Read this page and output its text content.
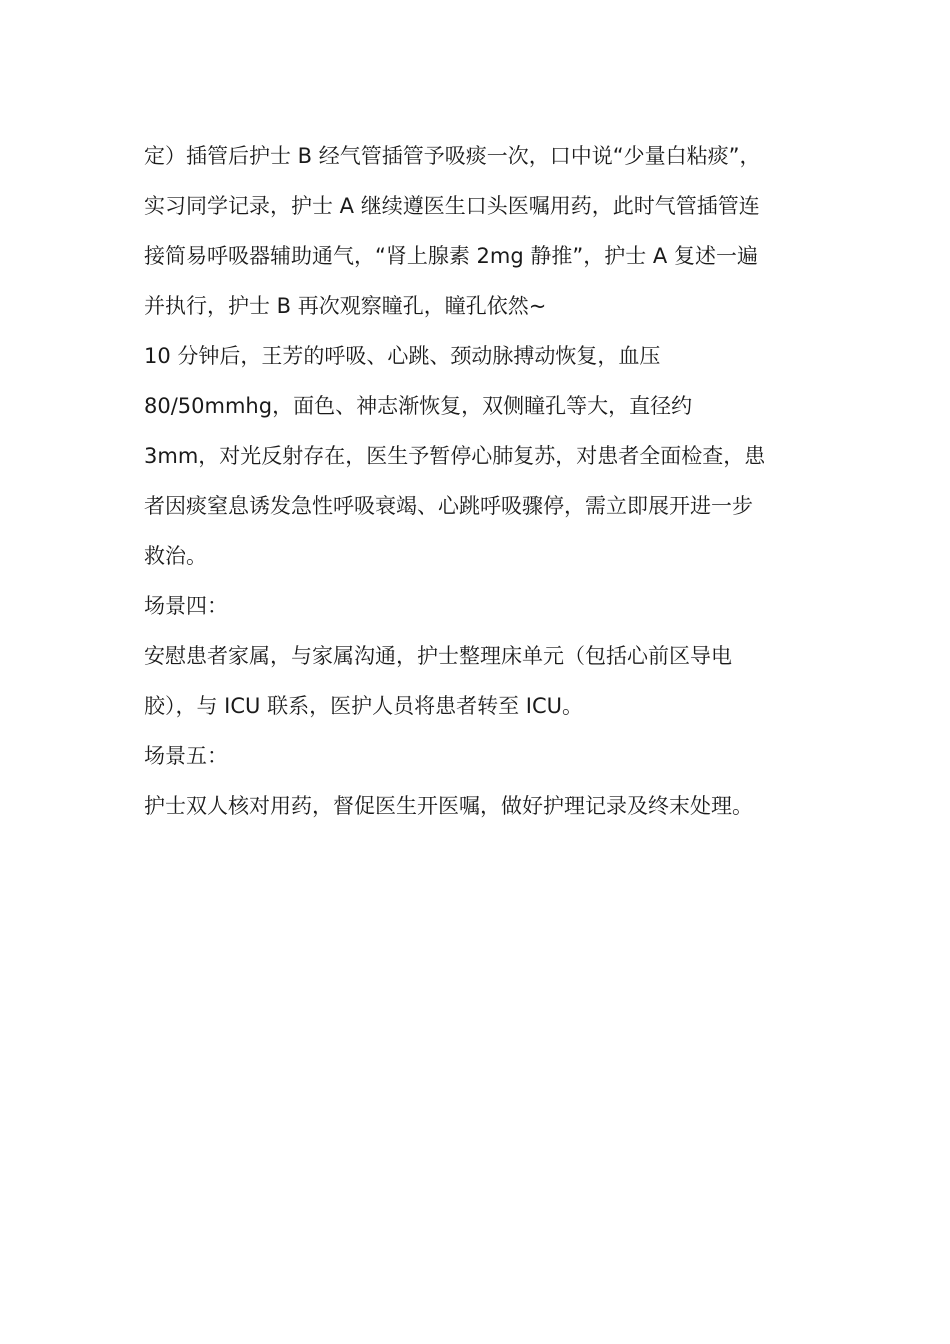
定）插管后护士 B 经气管插管予吸痰一次，口中说“少量白粘痰”，
实习同学记录，护士 A 继续遵医生口头医嘱用药，此时气管插管连
接简易呼吸器辅助通气，“肾上腺素 2mg 静推”，护士 A 复述一遍
并执行，护士 B 再次观察瞳孔，瞳孔依然~
10 分钟后，王芳的呼吸、心跳、颈动脉搏动恢复，血压
80/50mmhg，面色、神志渐恢复，双侧瞳孔等大，直径约
3mm，对光反射存在，医生予暂停心肺复苏，对患者全面检查，患
者因痰窒息诱发急性呼吸衰竭、心跳呼吸骤停，需立即展开进一步
救治。
场景四：
安慰患者家属，与家属沟通，护士整理床单元（包括心前区导电
胶），与 ICU 联系，医护人员将患者转至 ICU。
场景五：
护士双人核对用药，督促医生开医嘱，做好护理记录及终末处理。
